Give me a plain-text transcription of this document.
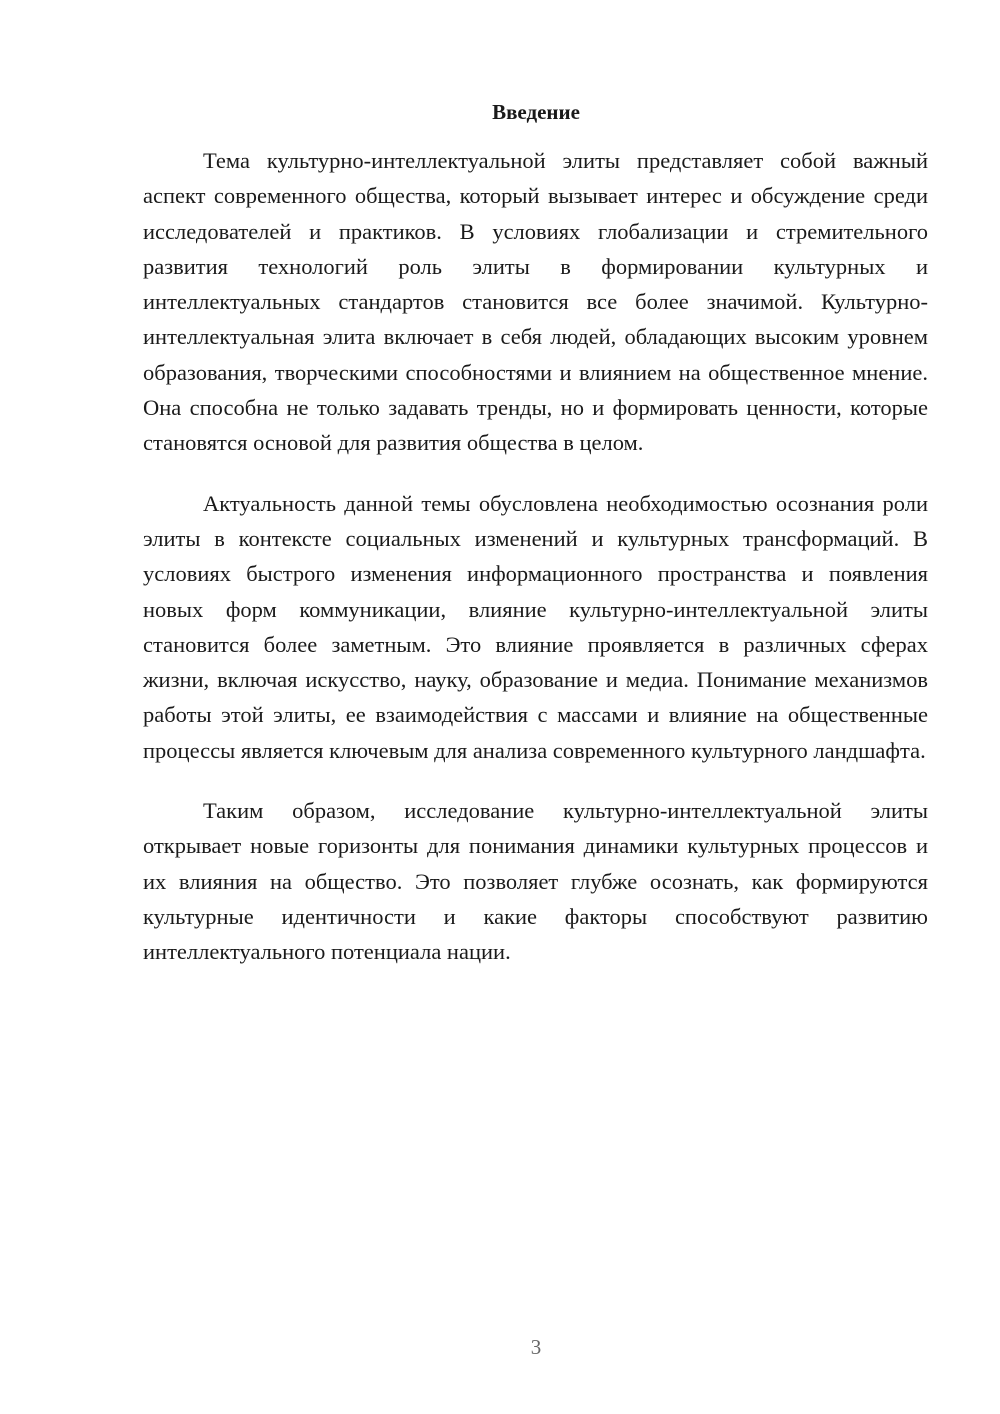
Введение

Тема культурно-интеллектуальной элиты представляет собой важный аспект современного общества, который вызывает интерес и обсуждение среди исследователей и практиков. В условиях глобализации и стремительного развития технологий роль элиты в формировании культурных и интеллектуальных стандартов становится все более значимой. Культурно-интеллектуальная элита включает в себя людей, обладающих высоким уровнем образования, творческими способностями и влиянием на общественное мнение. Она способна не только задавать тренды, но и формировать ценности, которые становятся основой для развития общества в целом.

Актуальность данной темы обусловлена необходимостью осознания роли элиты в контексте социальных изменений и культурных трансформаций. В условиях быстрого изменения информационного пространства и появления новых форм коммуникации, влияние культурно-интеллектуальной элиты становится более заметным. Это влияние проявляется в различных сферах жизни, включая искусство, науку, образование и медиа. Понимание механизмов работы этой элиты, ее взаимодействия с массами и влияние на общественные процессы является ключевым для анализа современного культурного ландшафта.

Таким образом, исследование культурно-интеллектуальной элиты открывает новые горизонты для понимания динамики культурных процессов и их влияния на общество. Это позволяет глубже осознать, как формируются культурные идентичности и какие факторы способствуют развитию интеллектуального потенциала нации.

3
